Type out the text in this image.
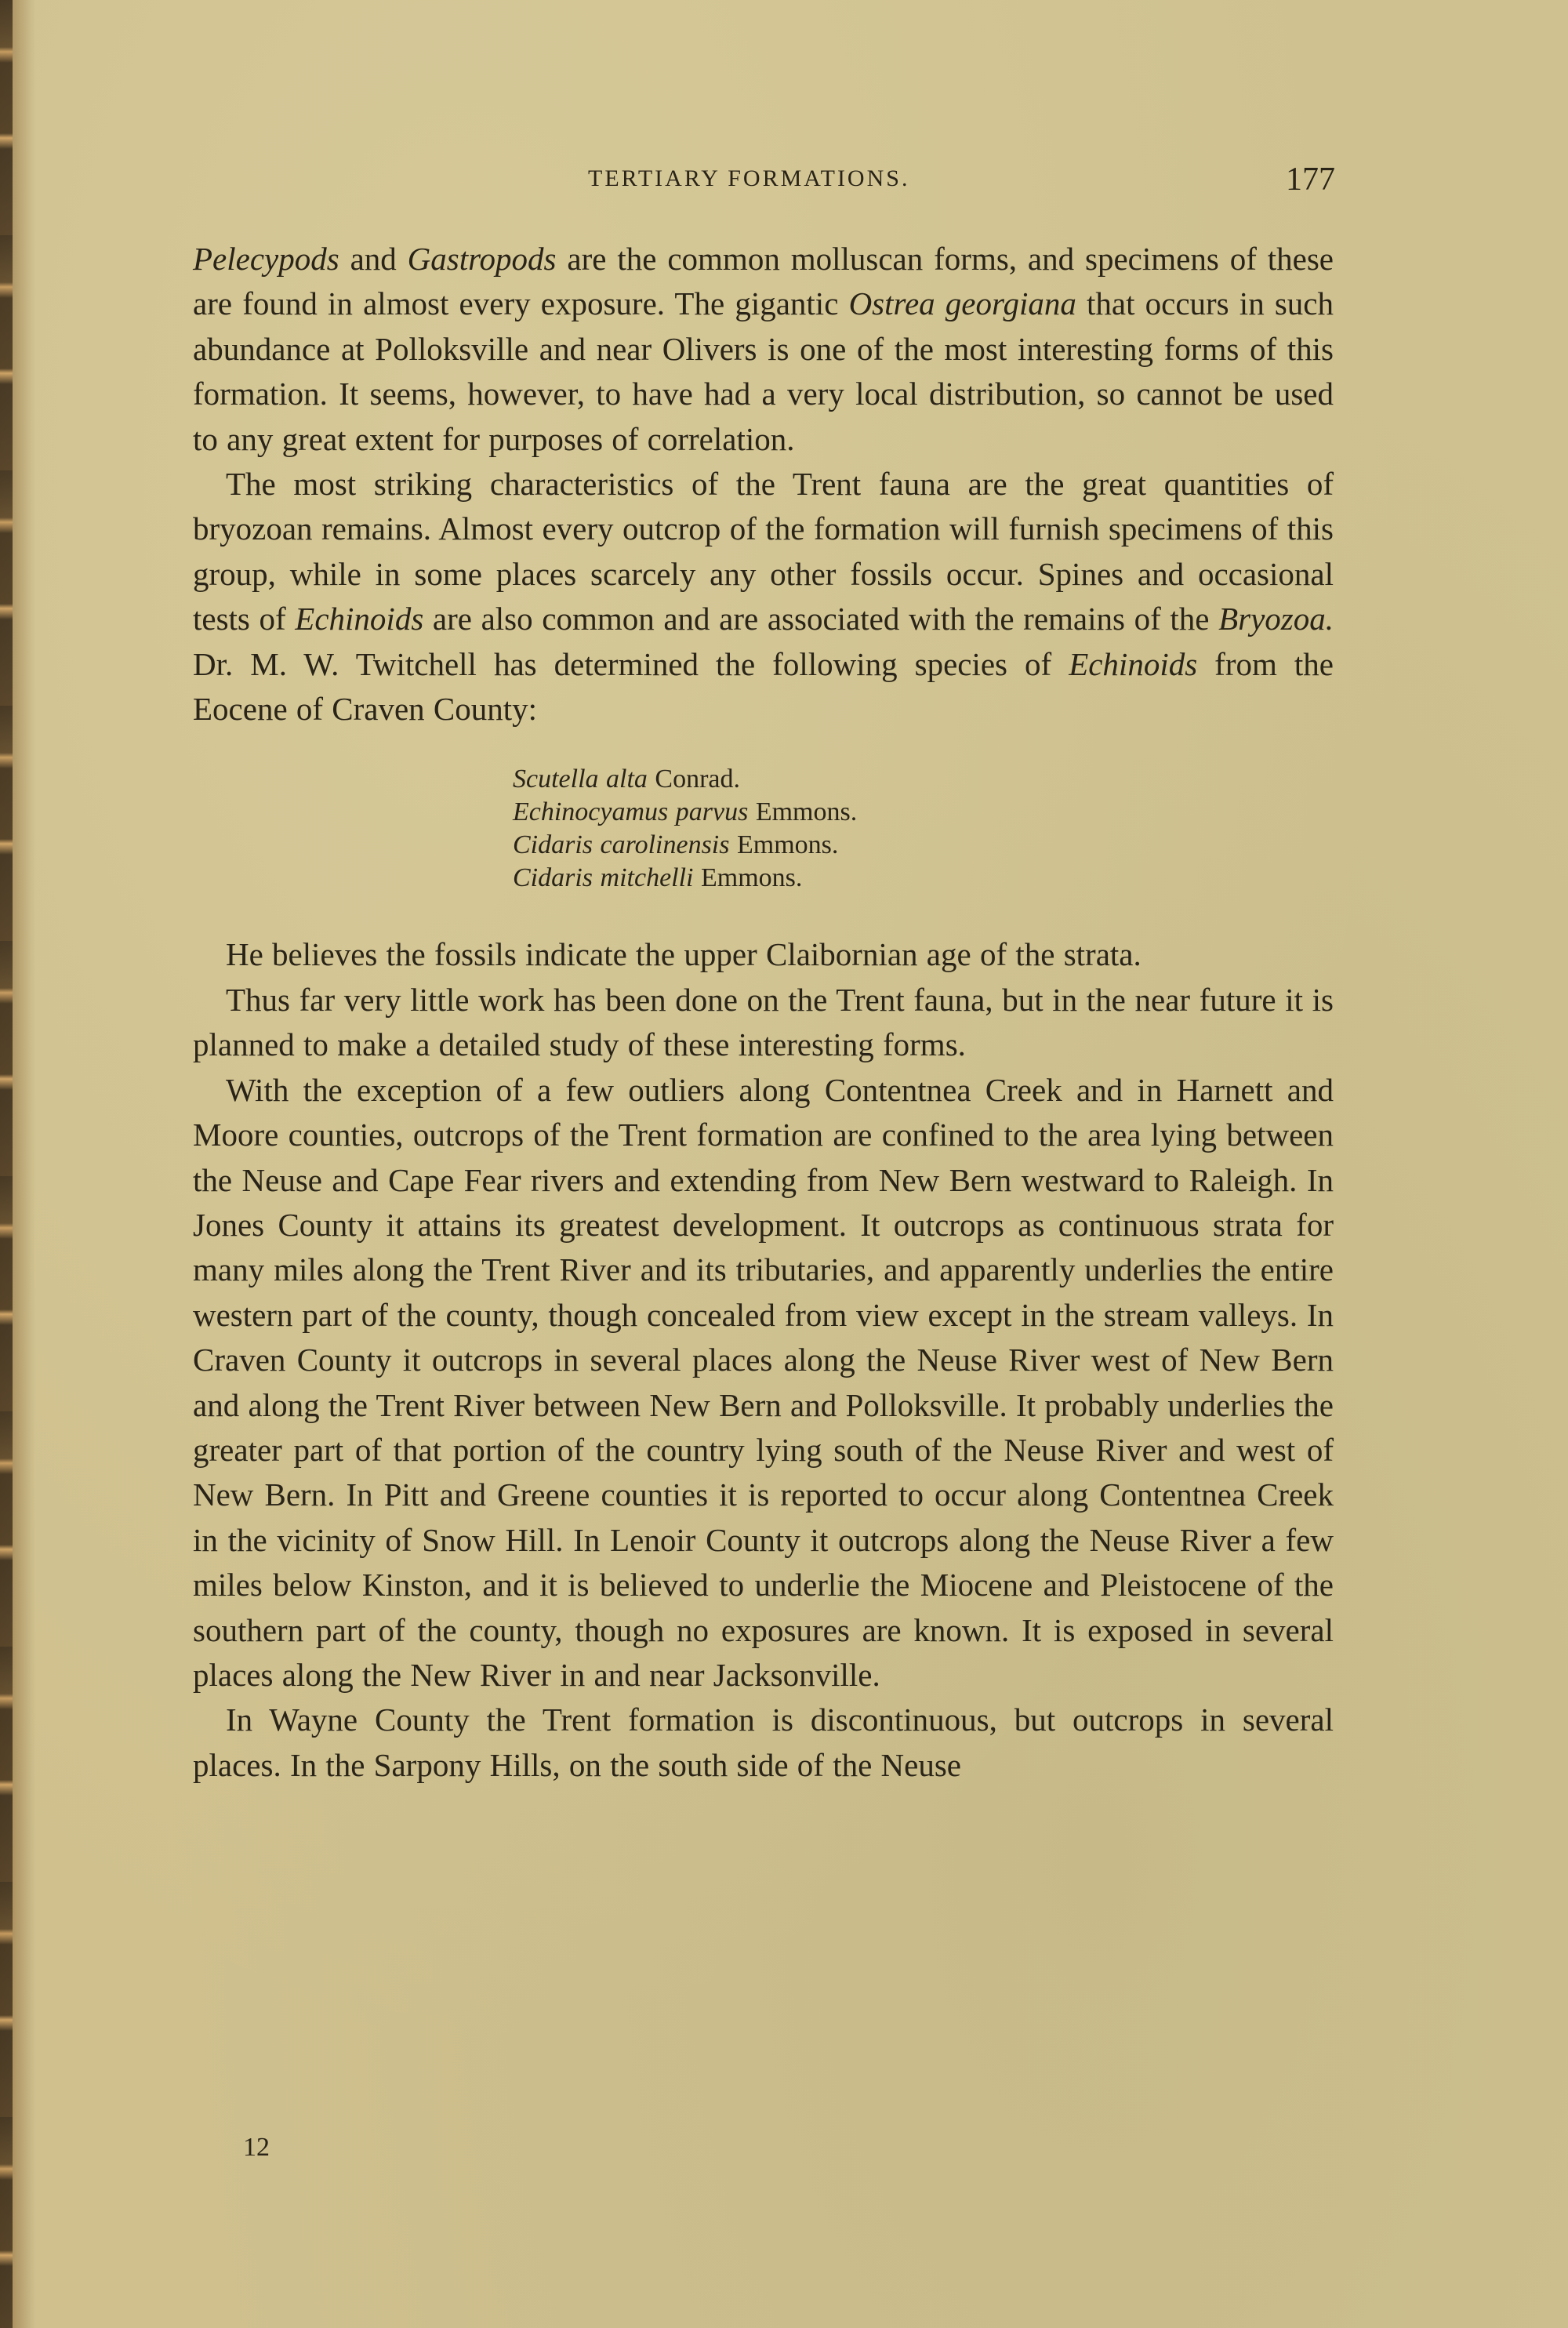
TERTIARY FORMATIONS.	177

Pelecypods and Gastropods are the common molluscan forms, and specimens of these are found in almost every exposure. The gigantic Ostrea georgiana that occurs in such abundance at Polloksville and near Olivers is one of the most interesting forms of this formation. It seems, however, to have had a very local distribution, so cannot be used to any great extent for purposes of correlation.

The most striking characteristics of the Trent fauna are the great quantities of bryozoan remains. Almost every outcrop of the formation will furnish specimens of this group, while in some places scarcely any other fossils occur. Spines and occasional tests of Echinoids are also common and are associated with the remains of the Bryozoa. Dr. M. W. Twitchell has determined the following species of Echinoids from the Eocene of Craven County:

Scutella alta Conrad.
Echinocyamus parvus Emmons.
Cidaris carolinensis Emmons.
Cidaris mitchelli Emmons.

He believes the fossils indicate the upper Claibornian age of the strata.

Thus far very little work has been done on the Trent fauna, but in the near future it is planned to make a detailed study of these interesting forms.

With the exception of a few outliers along Contentnea Creek and in Harnett and Moore counties, outcrops of the Trent formation are confined to the area lying between the Neuse and Cape Fear rivers and extending from New Bern westward to Raleigh. In Jones County it attains its greatest development. It outcrops as continuous strata for many miles along the Trent River and its tributaries, and apparently underlies the entire western part of the county, though concealed from view except in the stream valleys. In Craven County it outcrops in several places along the Neuse River west of New Bern and along the Trent River between New Bern and Polloksville. It probably underlies the greater part of that portion of the country lying south of the Neuse River and west of New Bern. In Pitt and Greene counties it is reported to occur along Contentnea Creek in the vicinity of Snow Hill. In Lenoir County it outcrops along the Neuse River a few miles below Kinston, and it is believed to underlie the Miocene and Pleistocene of the southern part of the county, though no exposures are known. It is exposed in several places along the New River in and near Jacksonville.

In Wayne County the Trent formation is discontinuous, but outcrops in several places. In the Sarpony Hills, on the south side of the Neuse

12
